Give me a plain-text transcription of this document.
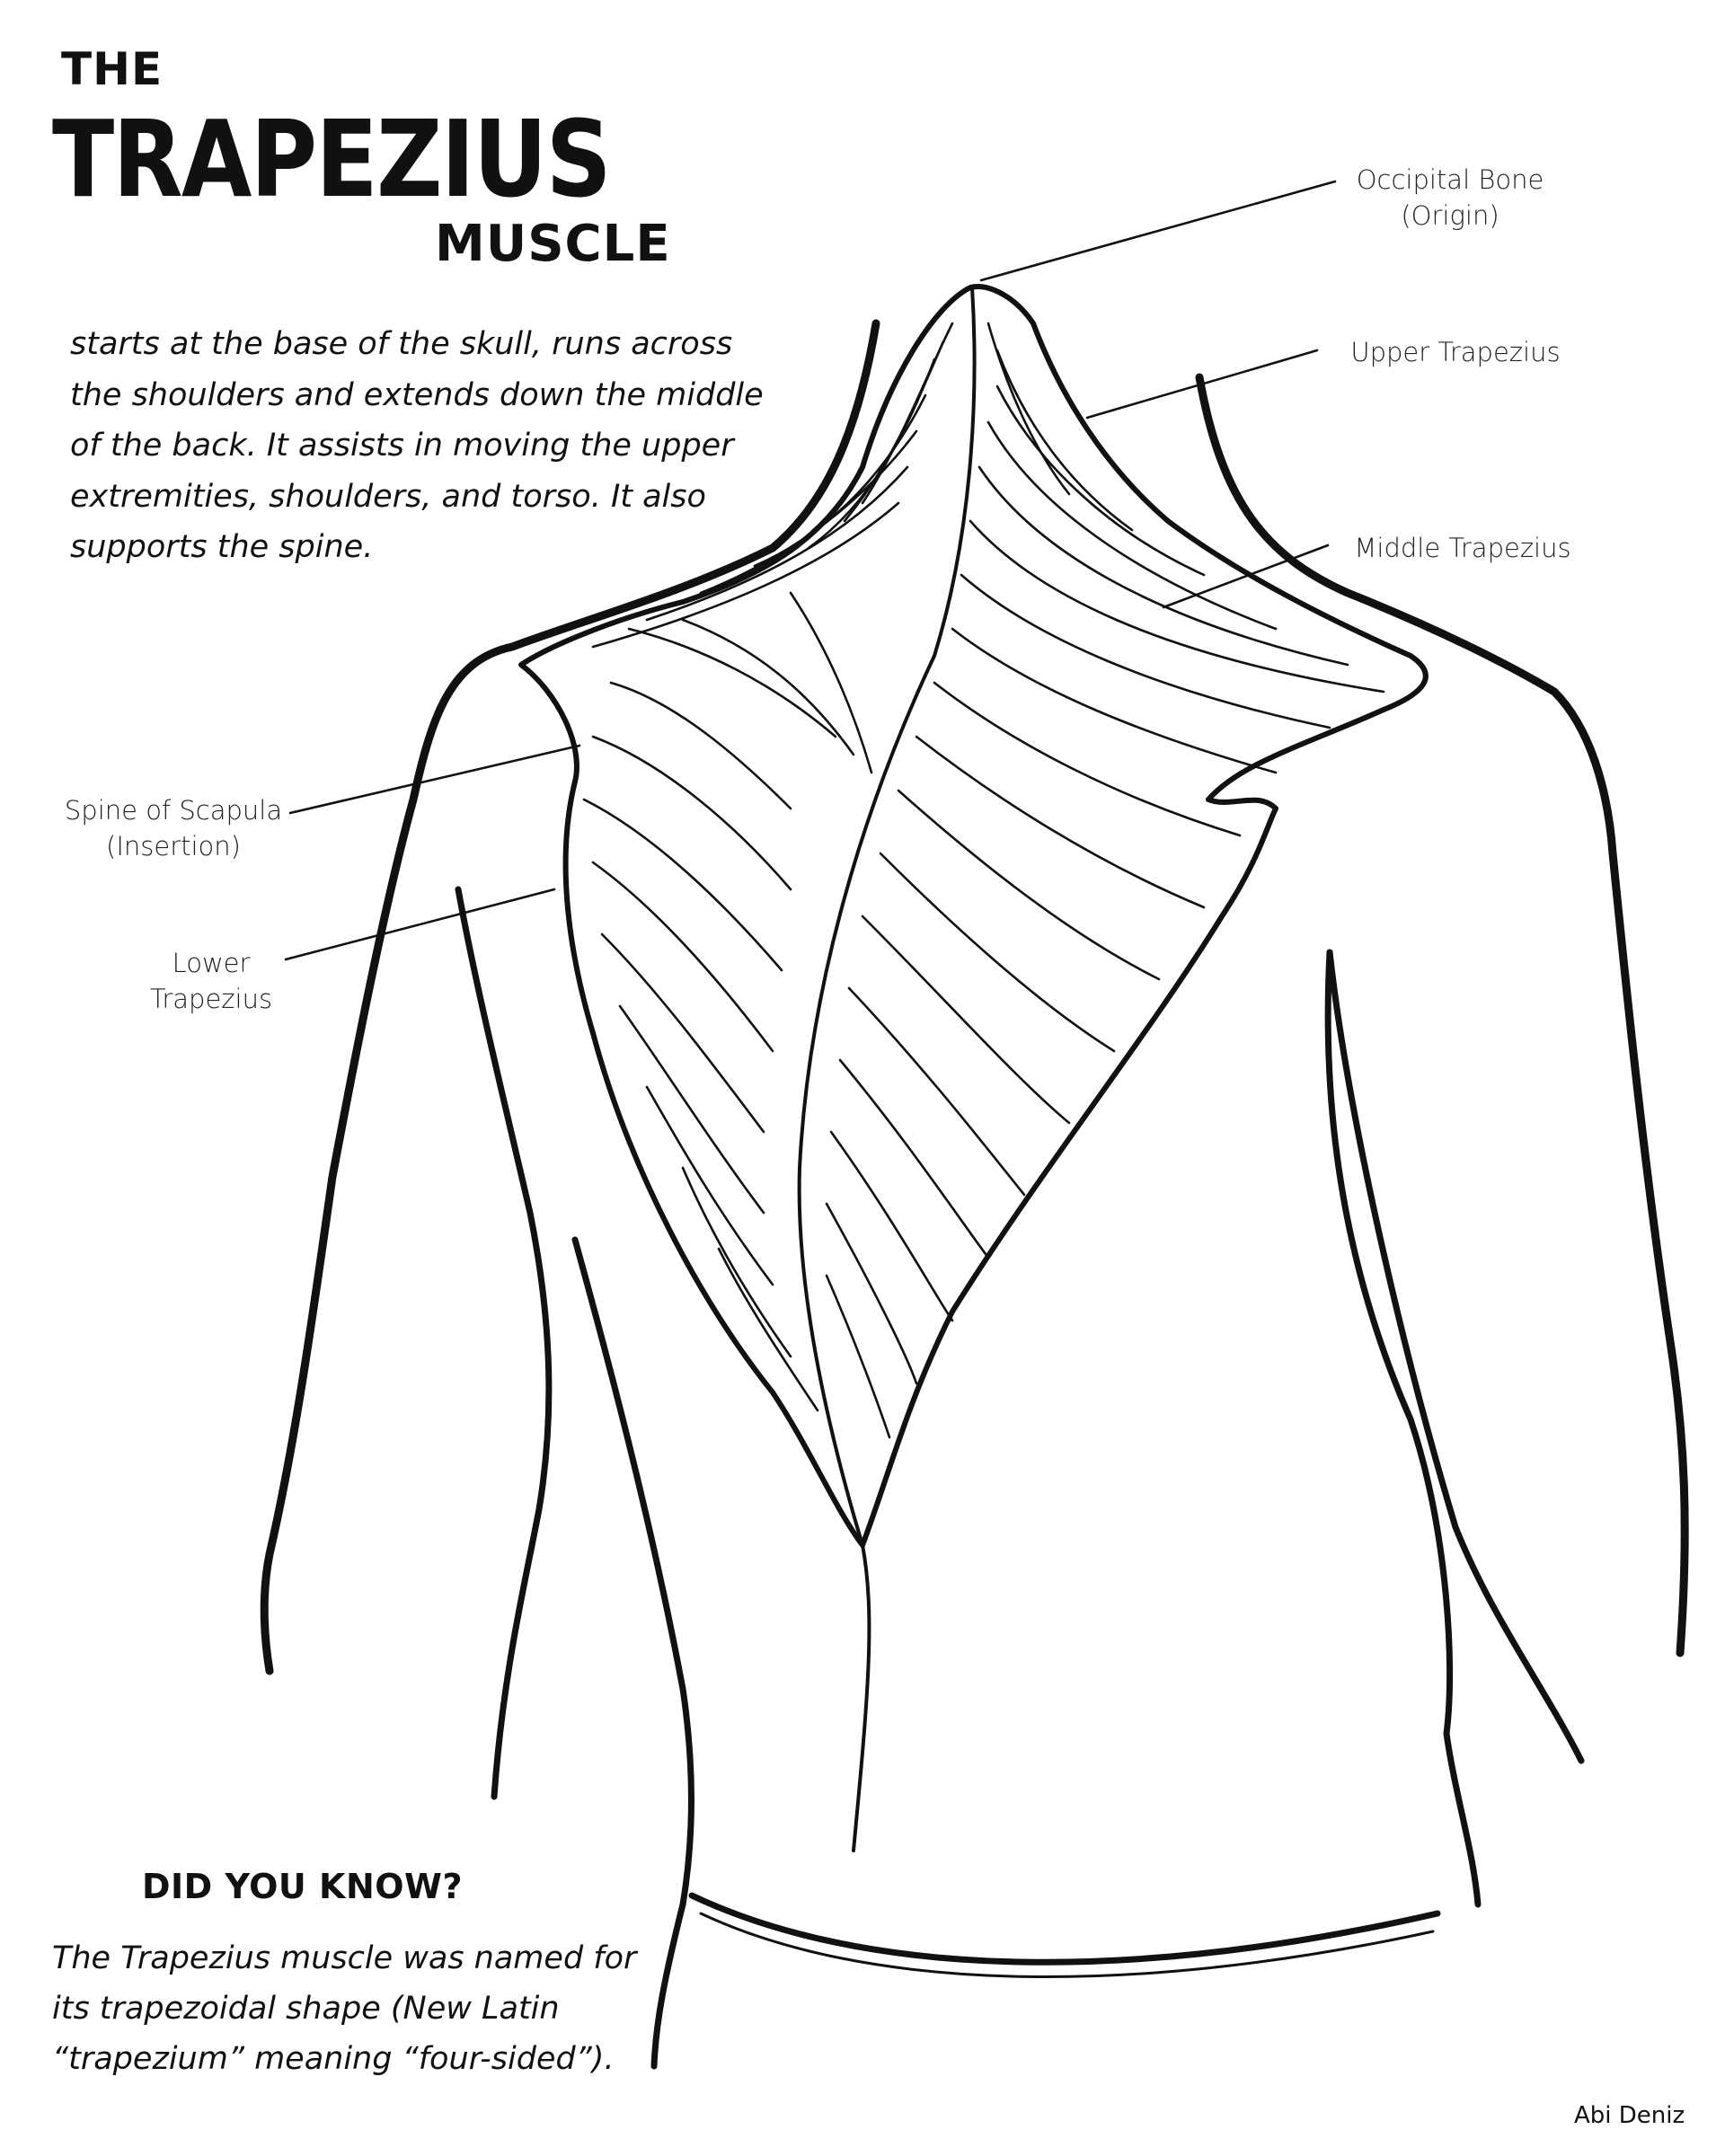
THE
TRAPEZIUS
MUSCLE

starts at the base of the skull, runs across the shoulders and extends down the middle of the back. It assists in moving the upper extremities, shoulders, and torso. It also supports the spine.

Occipital Bone
(Origin)
Upper Trapezius
Middle Trapezius
Spine of Scapula
(Insertion)
Lower
Trapezius
DID YOU KNOW?

The Trapezius muscle was named for its trapezoidal shape (New Latin “trapezium” meaning “four-sided”).

Abi Deniz
